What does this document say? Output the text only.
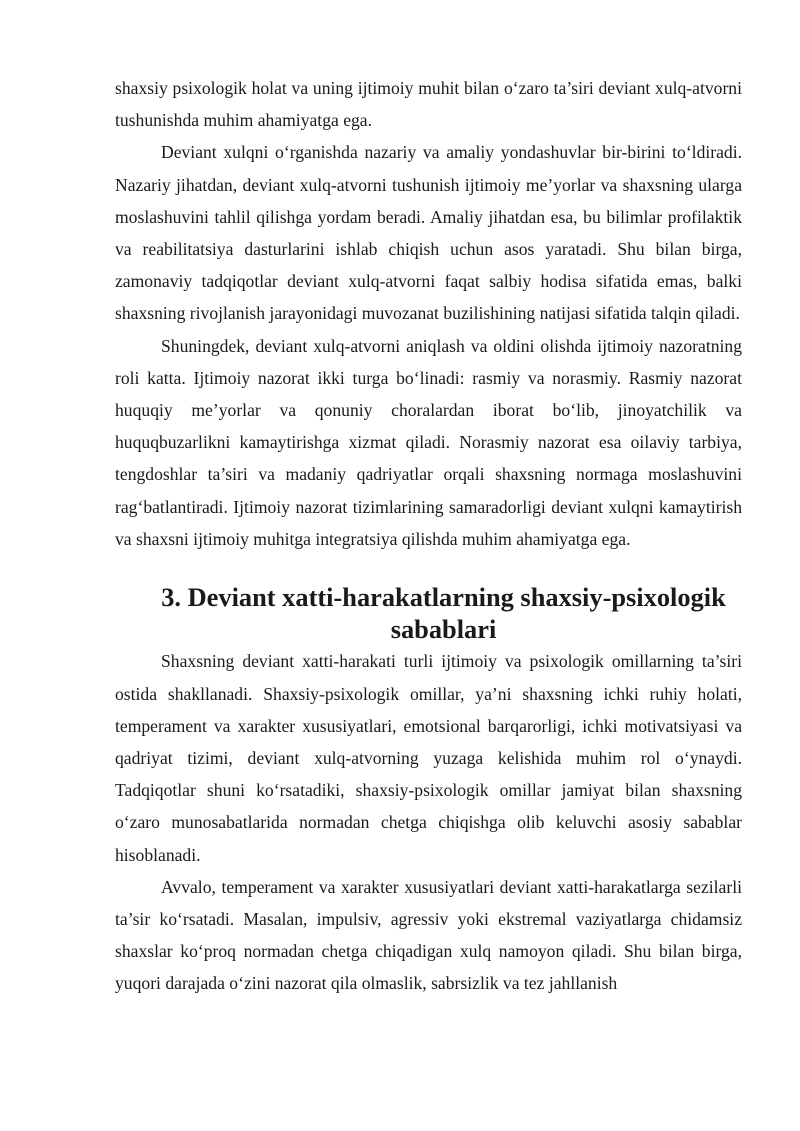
shaxsiy psixologik holat va uning ijtimoiy muhit bilan o‘zaro ta’siri deviant xulq-atvorni tushunishda muhim ahamiyatga ega.

Deviant xulqni o‘rganishda nazariy va amaliy yondashuvlar bir-birini to‘ldiradi. Nazariy jihatdan, deviant xulq-atvorni tushunish ijtimoiy me’yorlar va shaxsning ularga moslashuvini tahlil qilishga yordam beradi. Amaliy jihatdan esa, bu bilimlar profilaktik va reabilitatsiya dasturlarini ishlab chiqish uchun asos yaratadi. Shu bilan birga, zamonaviy tadqiqotlar deviant xulq-atvorni faqat salbiy hodisa sifatida emas, balki shaxsning rivojlanish jarayonidagi muvozanat buzilishining natijasi sifatida talqin qiladi.

Shuningdek, deviant xulq-atvorni aniqlash va oldini olishda ijtimoiy nazoratning roli katta. Ijtimoiy nazorat ikki turga bo‘linadi: rasmiy va norasmiy. Rasmiy nazorat huquqiy me’yorlar va qonuniy choralardan iborat bo‘lib, jinoyatchilik va huquqbuzarlikni kamaytirishga xizmat qiladi. Norasmiy nazorat esa oilaviy tarbiya, tengdoshlar ta’siri va madaniy qadriyatlar orqali shaxsning normaga moslashuvini rag‘batlantiradi. Ijtimoiy nazorat tizimlarining samaradorligi deviant xulqni kamaytirish va shaxsni ijtimoiy muhitga integratsiya qilishda muhim ahamiyatga ega.

3. Deviant xatti-harakatlarning shaxsiy-psixologik sabablari

Shaxsning deviant xatti-harakati turli ijtimoiy va psixologik omillarning ta’siri ostida shakllanadi. Shaxsiy-psixologik omillar, ya’ni shaxsning ichki ruhiy holati, temperament va xarakter xususiyatlari, emotsional barqarorligi, ichki motivatsiyasi va qadriyat tizimi, deviant xulq-atvorning yuzaga kelishida muhim rol o‘ynaydi. Tadqiqotlar shuni ko‘rsatadiki, shaxsiy-psixologik omillar jamiyat bilan shaxsning o‘zaro munosabatlarida normadan chetga chiqishga olib keluvchi asosiy sabablar hisoblanadi.

Avvalo, temperament va xarakter xususiyatlari deviant xatti-harakatlarga sezilarli ta’sir ko‘rsatadi. Masalan, impulsiv, agressiv yoki ekstremal vaziyatlarga chidamsiz shaxslar ko‘proq normadan chetga chiqadigan xulq namoyon qiladi. Shu bilan birga, yuqori darajada o‘zini nazorat qila olmaslik, sabrsizlik va tez jahllanish
